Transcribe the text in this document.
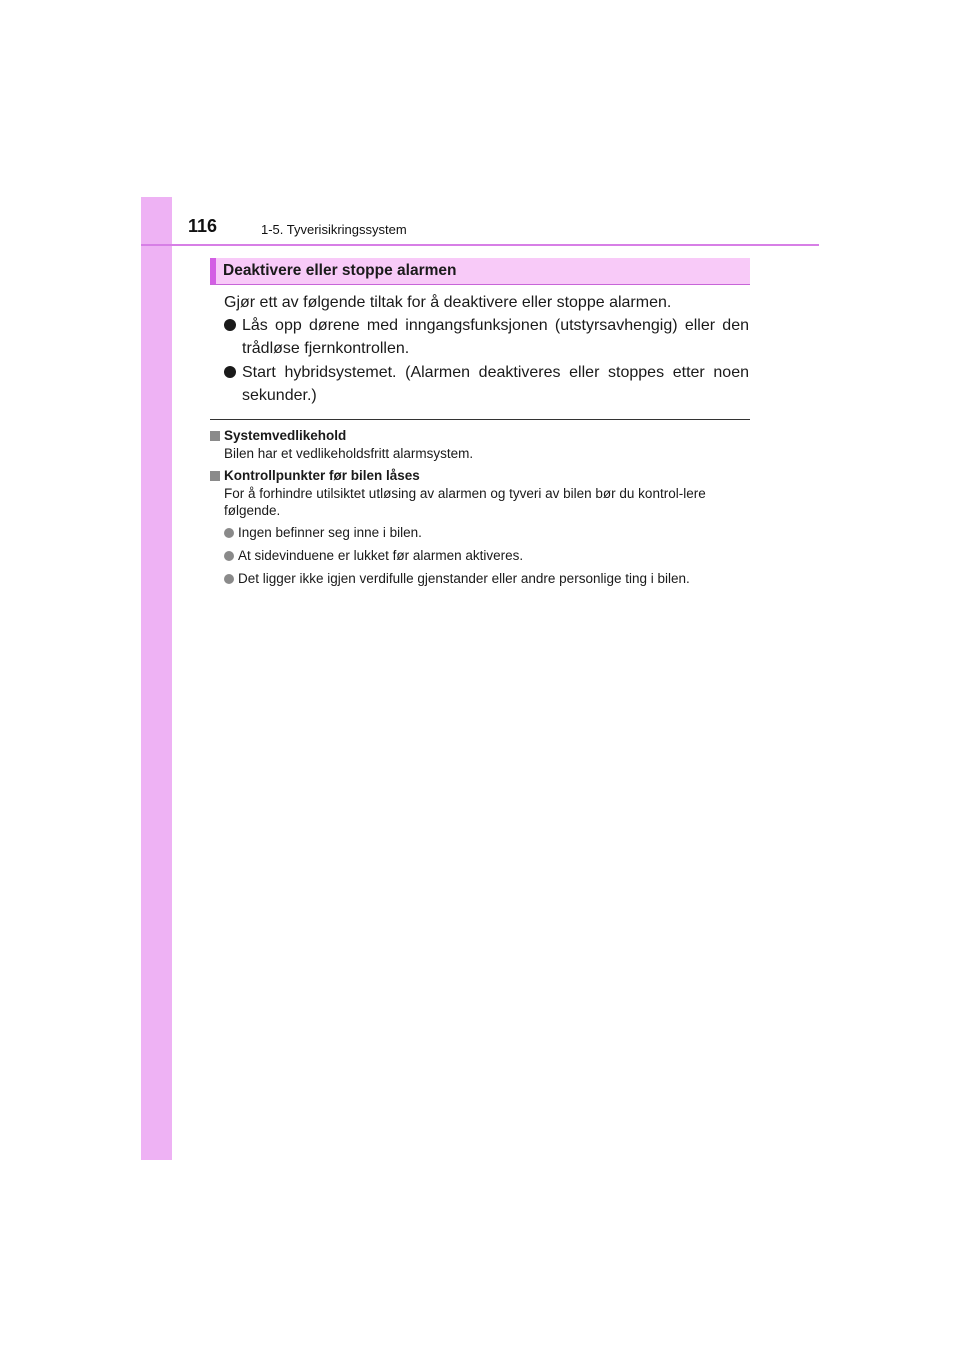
116	1-5. Tyverisikringssystem
Deaktivere eller stoppe alarmen
Gjør ett av følgende tiltak for å deaktivere eller stoppe alarmen.
Lås opp dørene med inngangsfunksjonen (utstyrsavhengig) eller den trådløse fjernkontrollen.
Start hybridsystemet. (Alarmen deaktiveres eller stoppes etter noen sekunder.)
Systemvedlikehold
Bilen har et vedlikeholdsfritt alarmsystem.
Kontrollpunkter før bilen låses
For å forhindre utilsiktet utløsing av alarmen og tyveri av bilen bør du kontrol-lere følgende.
Ingen befinner seg inne i bilen.
At sidevinduene er lukket før alarmen aktiveres.
Det ligger ikke igjen verdifulle gjenstander eller andre personlige ting i bilen.
